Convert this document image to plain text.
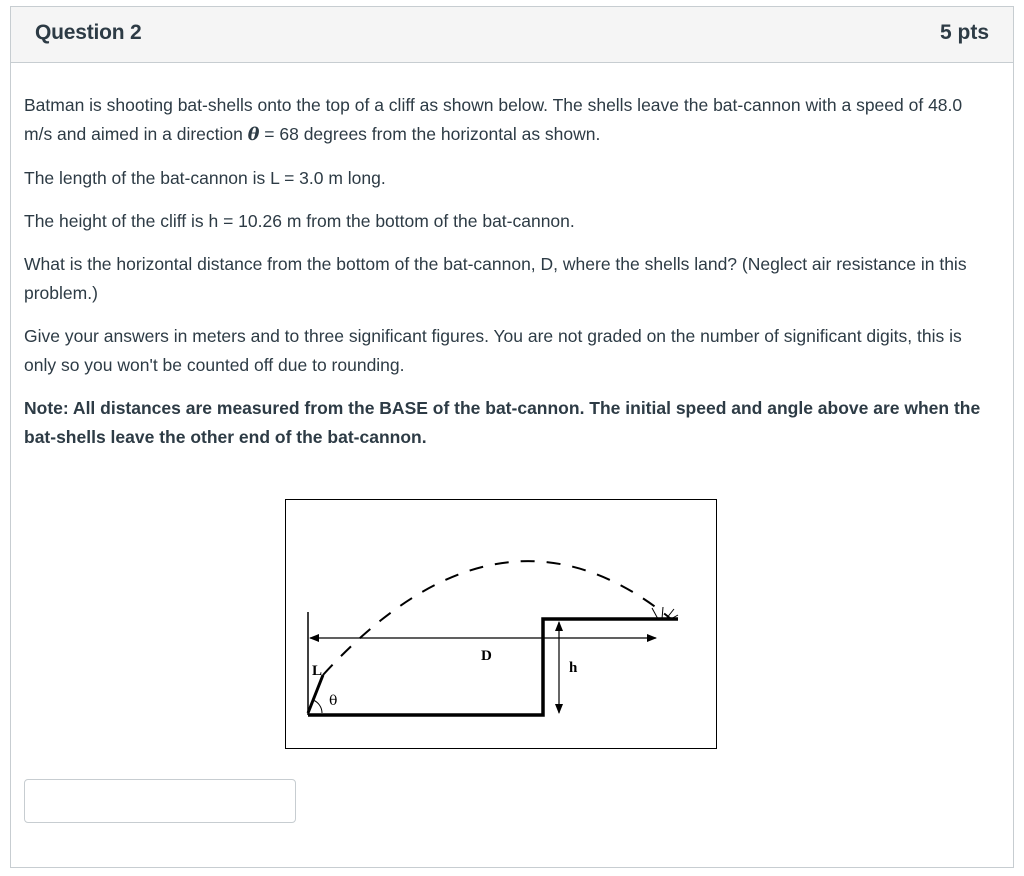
Question 2	5 pts

Batman is shooting bat-shells onto the top of a cliff as shown below. The shells leave the bat-cannon with a speed of 48.0 m/s and aimed in a direction θ = 68 degrees from the horizontal as shown.

The length of the bat-cannon is L = 3.0 m long.

The height of the cliff is h = 10.26 m from the bottom of the bat-cannon.

What is the horizontal distance from the bottom of the bat-cannon, D, where the shells land? (Neglect air resistance in this problem.)

Give your answers in meters and to three significant figures. You are not graded on the number of significant digits, this is only so you won't be counted off due to rounding.

Note: All distances are measured from the BASE of the bat-cannon. The initial speed and angle above are when the bat-shells leave the other end of the bat-cannon.

L
θ
D
h
